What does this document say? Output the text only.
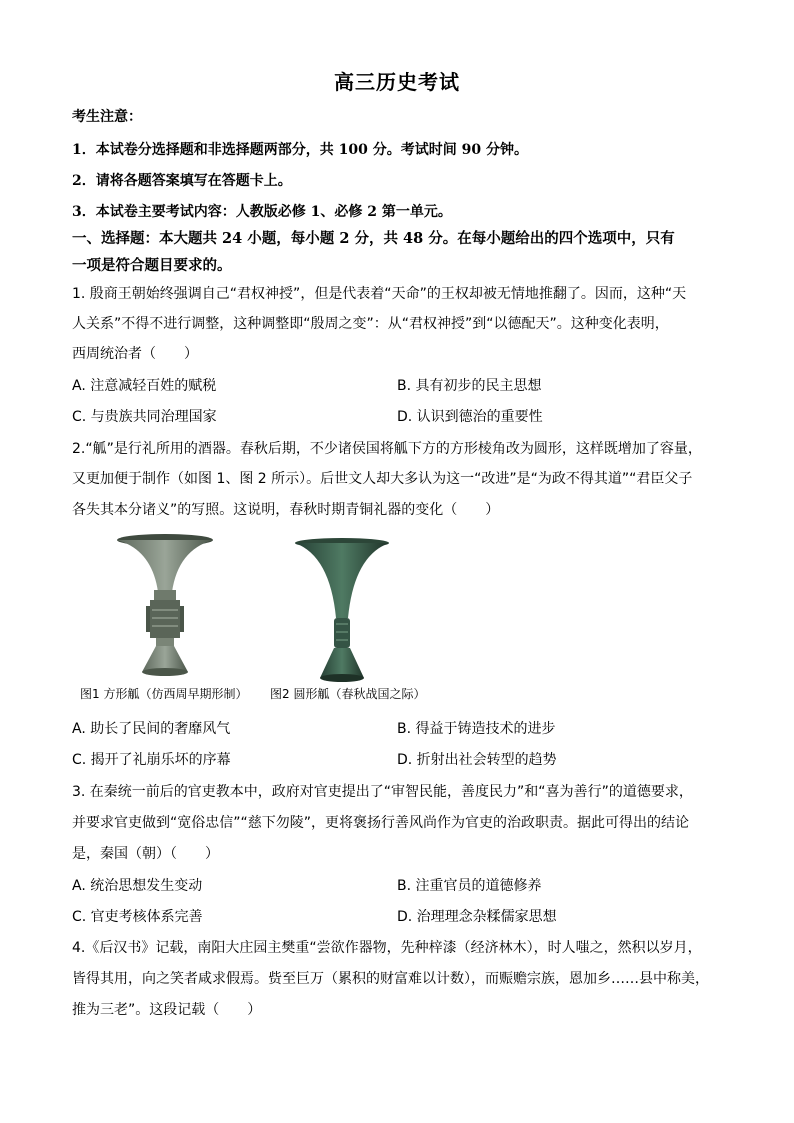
高三历史考试
考生注意：
1．本试卷分选择题和非选择题两部分，共 100 分。考试时间 90 分钟。
2．请将各题答案填写在答题卡上。
3．本试卷主要考试内容：人教版必修 1、必修 2 第一单元。
一、选择题：本大题共 24 小题，每小题 2 分，共 48 分。在每小题给出的四个选项中，只有
一项是符合题目要求的。
1. 殷商王朝始终强调自己“君权神授”，但是代表着“天命”的王权却被无情地推翻了。因而，这种“天
人关系”不得不进行调整，这种调整即“殷周之变”：从“君权神授”到“以德配天”。这种变化表明，
西周统治者（　　）
A. 注意减轻百姓的赋税	B. 具有初步的民主思想
C. 与贵族共同治理国家	D. 认识到德治的重要性
2.“觚”是行礼所用的酒器。春秋后期，不少诸侯国将觚下方的方形棱角改为圆形，这样既增加了容量，
又更加便于制作（如图 1、图 2 所示）。后世文人却大多认为这一“改进”是“为政不得其道”“君臣父子
各失其本分诸义”的写照。这说明，春秋时期青铜礼器的变化（　　）
图1 方形觚（仿西周早期形制） 图2 圆形觚（春秋战国之际）
A. 助长了民间的奢靡风气	B. 得益于铸造技术的进步
C. 揭开了礼崩乐坏的序幕	D. 折射出社会转型的趋势
3. 在秦统一前后的官吏教本中，政府对官吏提出了“审智民能，善度民力”和“喜为善行”的道德要求，
并要求官吏做到“宽俗忠信”“慈下勿陵”，更将褒扬行善风尚作为官吏的治政职责。据此可得出的结论
是，秦国（朝）（　　）
A. 统治思想发生变动	B. 注重官员的道德修养
C. 官吏考核体系完善	D. 治理理念杂糅儒家思想
4.《后汉书》记载，南阳大庄园主樊重“尝欲作器物，先种梓漆（经济林木），时人嗤之，然积以岁月，
皆得其用，向之笑者咸求假焉。赀至巨万（累积的财富难以计数），而赈赡宗族，恩加乡……县中称美，
推为三老”。这段记载（　　）
